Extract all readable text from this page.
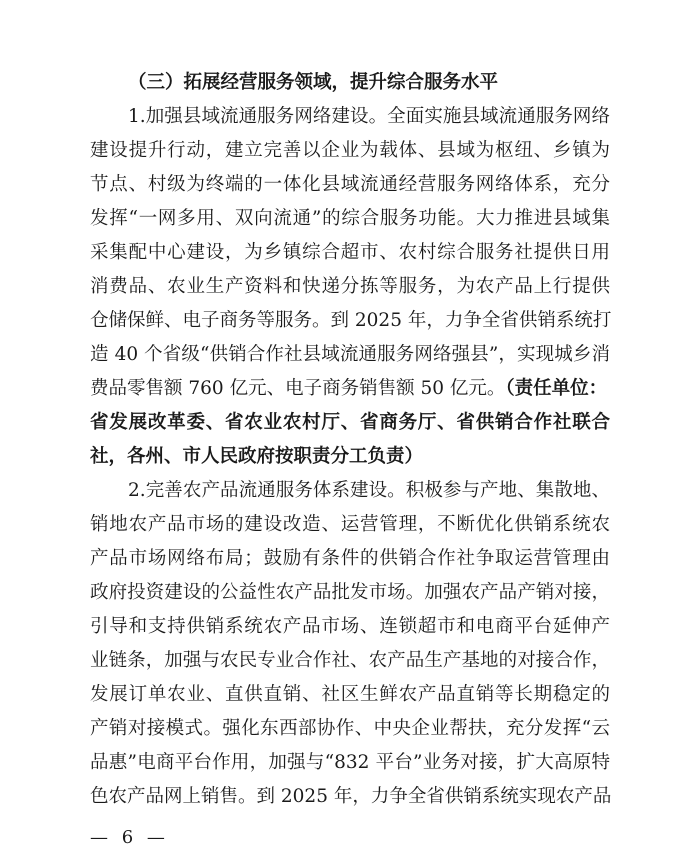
（三）拓展经营服务领域，提升综合服务水平
1.加强县域流通服务网络建设。全面实施县域流通服务网络
建设提升行动，建立完善以企业为载体、县域为枢纽、乡镇为
节点、村级为终端的一体化县域流通经营服务网络体系，充分
发挥“一网多用、双向流通”的综合服务功能。大力推进县域集
采集配中心建设，为乡镇综合超市、农村综合服务社提供日用
消费品、农业生产资料和快递分拣等服务，为农产品上行提供
仓储保鲜、电子商务等服务。到 2025 年，力争全省供销系统打
造 40 个省级“供销合作社县域流通服务网络强县”，实现城乡消
费品零售额 760 亿元、电子商务销售额 50 亿元。（责任单位：
省发展改革委、省农业农村厅、省商务厅、省供销合作社联合
社，各州、市人民政府按职责分工负责）
2.完善农产品流通服务体系建设。积极参与产地、集散地、
销地农产品市场的建设改造、运营管理，不断优化供销系统农
产品市场网络布局；鼓励有条件的供销合作社争取运营管理由
政府投资建设的公益性农产品批发市场。加强农产品产销对接，
引导和支持供销系统农产品市场、连锁超市和电商平台延伸产
业链条，加强与农民专业合作社、农产品生产基地的对接合作，
发展订单农业、直供直销、社区生鲜农产品直销等长期稳定的
产销对接模式。强化东西部协作、中央企业帮扶，充分发挥“云
品惠”电商平台作用，加强与“832 平台”业务对接，扩大高原特
色农产品网上销售。到 2025 年，力争全省供销系统实现农产品
— 6 —
